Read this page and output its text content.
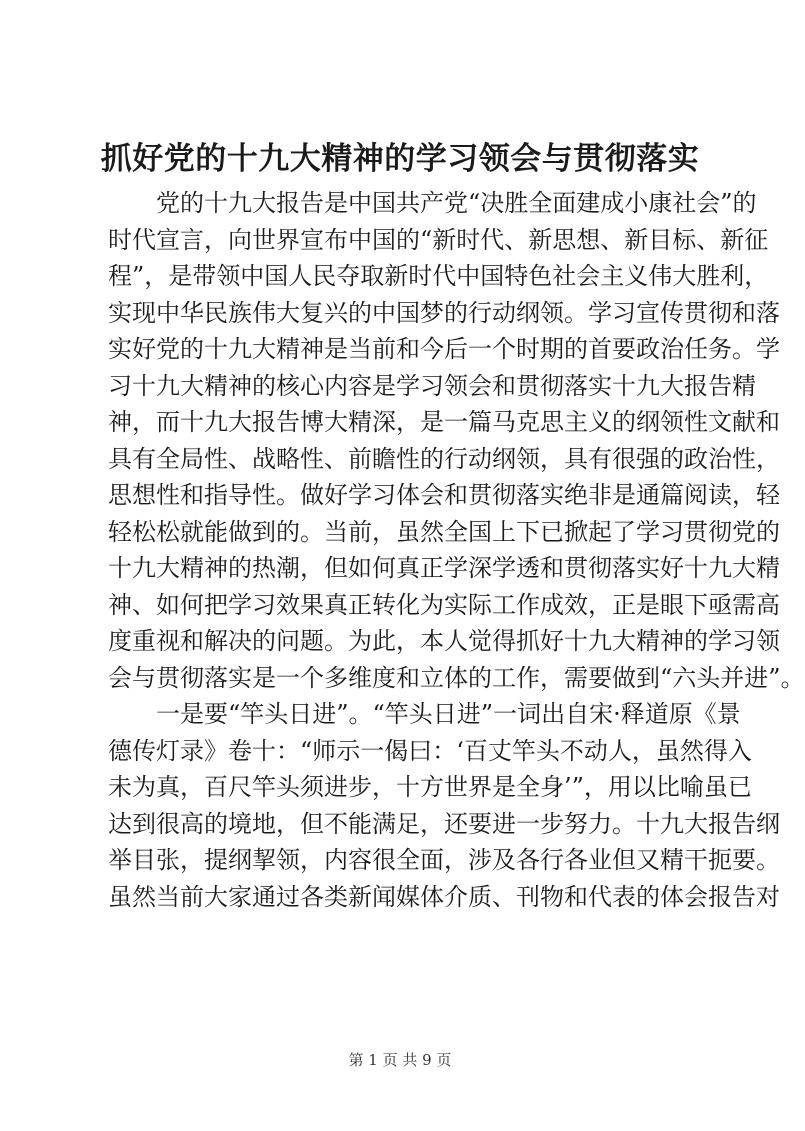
抓好党的十九大精神的学习领会与贯彻落实
　　党的十九大报告是中国共产党“决胜全面建成小康社会”的
时代宣言，向世界宣布中国的“新时代、新思想、新目标、新征
程”，是带领中国人民夺取新时代中国特色社会主义伟大胜利，
实现中华民族伟大复兴的中国梦的行动纲领。学习宣传贯彻和落
实好党的十九大精神是当前和今后一个时期的首要政治任务。学
习十九大精神的核心内容是学习领会和贯彻落实十九大报告精
神，而十九大报告博大精深，是一篇马克思主义的纲领性文献和
具有全局性、战略性、前瞻性的行动纲领，具有很强的政治性，
思想性和指导性。做好学习体会和贯彻落实绝非是通篇阅读，轻
轻松松就能做到的。当前，虽然全国上下已掀起了学习贯彻党的
十九大精神的热潮，但如何真正学深学透和贯彻落实好十九大精
神、如何把学习效果真正转化为实际工作成效，正是眼下亟需高
度重视和解决的问题。为此，本人觉得抓好十九大精神的学习领
会与贯彻落实是一个多维度和立体的工作，需要做到“六头并进”。
　　一是要“竿头日进”。“竿头日进”一词出自宋·释道原《景
德传灯录》卷十：“师示一偈曰：‘百丈竿头不动人，虽然得入
未为真，百尺竿头须进步，十方世界是全身’”，用以比喻虽已
达到很高的境地，但不能满足，还要进一步努力。十九大报告纲
举目张，提纲挈领，内容很全面，涉及各行各业但又精干扼要。
虽然当前大家通过各类新闻媒体介质、刊物和代表的体会报告对
第 1 页 共 9 页
